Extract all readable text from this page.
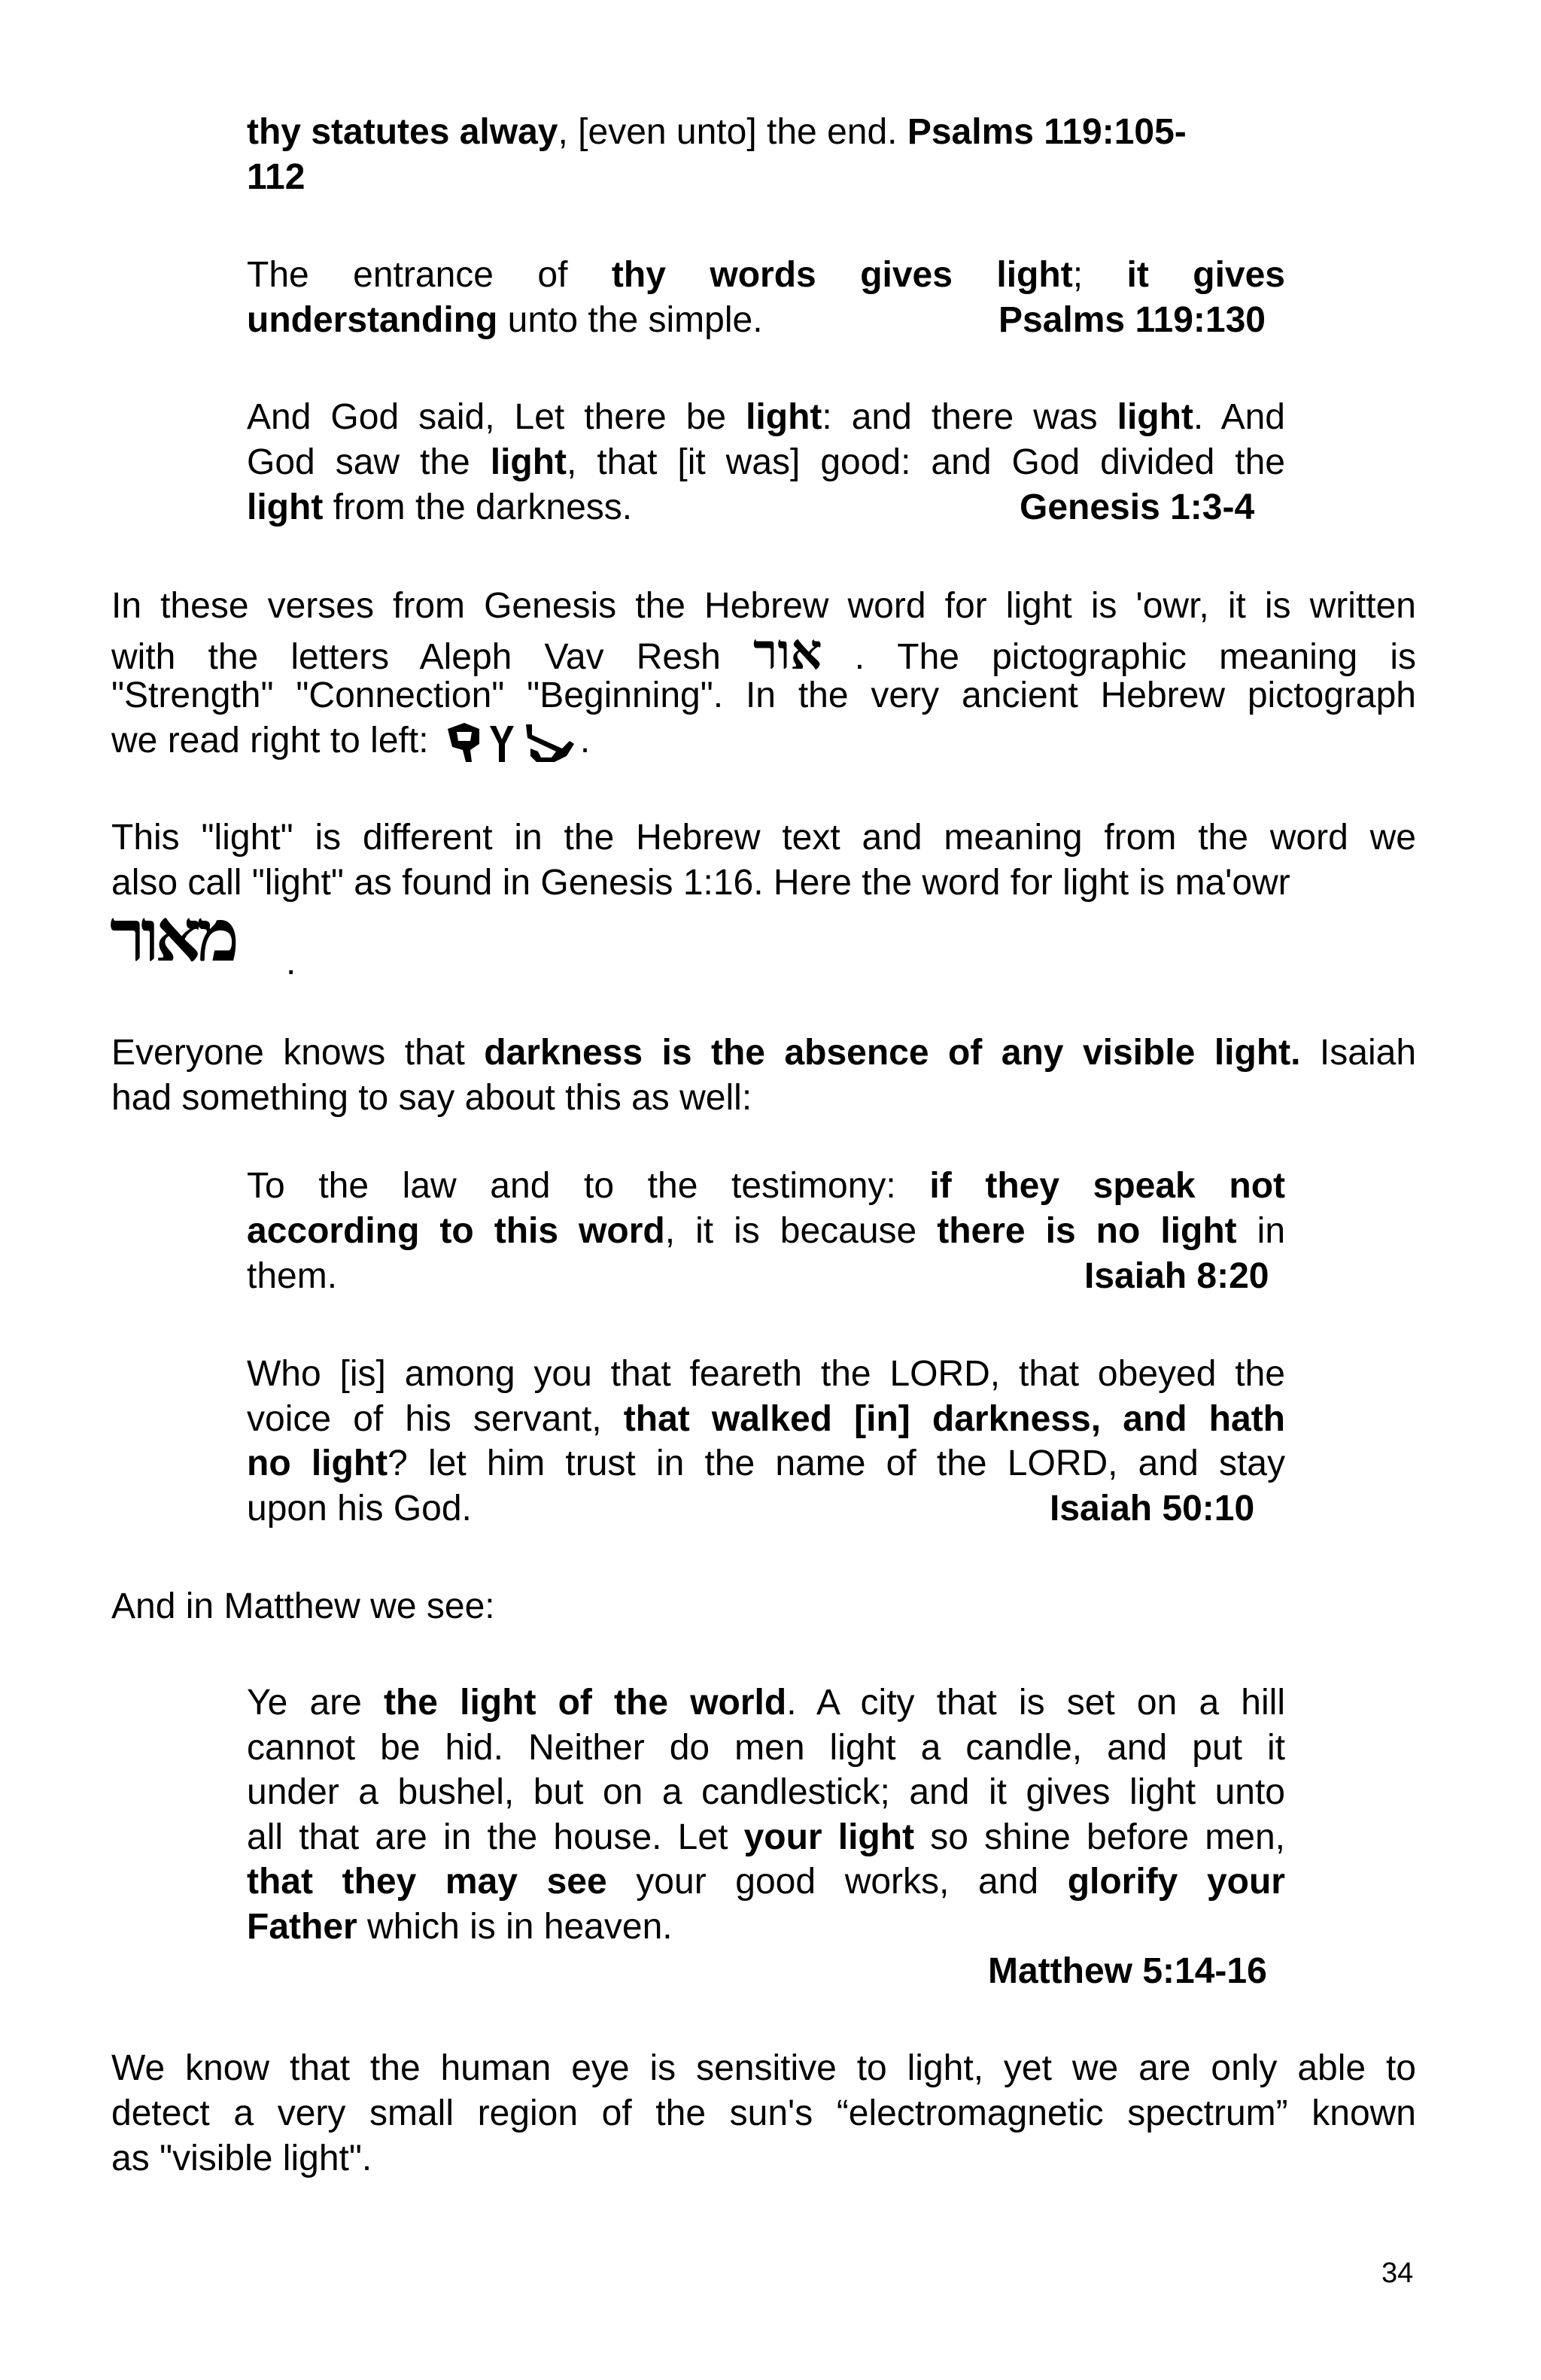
thy statutes alway, [even unto] the end. Psalms 119:105-
112
The entrance of thy words gives light; it gives
understanding unto the simple.	Psalms 119:130
And God said, Let there be light: and there was light. And
God saw the light, that [it was] good: and God divided the
light from the darkness.	Genesis 1:3-4
In these verses from Genesis the Hebrew word for light is 'owr, it is written
with the letters Aleph Vav Resh אור . The pictographic meaning is
"Strength" "Connection" "Beginning". In the very ancient Hebrew pictograph
we read right to left:	.
This "light" is different in the Hebrew text and meaning from the word we
also call "light" as found in Genesis 1:16. Here the word for light is ma'owr
מאור .
Everyone knows that darkness is the absence of any visible light. Isaiah
had something to say about this as well:
To the law and to the testimony: if they speak not
according to this word, it is because there is no light in
them.	Isaiah 8:20
Who [is] among you that feareth the LORD, that obeyed the
voice of his servant, that walked [in] darkness, and hath
no light? let him trust in the name of the LORD, and stay
upon his God.	Isaiah 50:10
And in Matthew we see:
Ye are the light of the world. A city that is set on a hill
cannot be hid. Neither do men light a candle, and put it
under a bushel, but on a candlestick; and it gives light unto
all that are in the house. Let your light so shine before men,
that they may see your good works, and glorify your
Father which is in heaven.
Matthew 5:14-16
We know that the human eye is sensitive to light, yet we are only able to
detect a very small region of the sun's “electromagnetic spectrum” known
as "visible light".
34
